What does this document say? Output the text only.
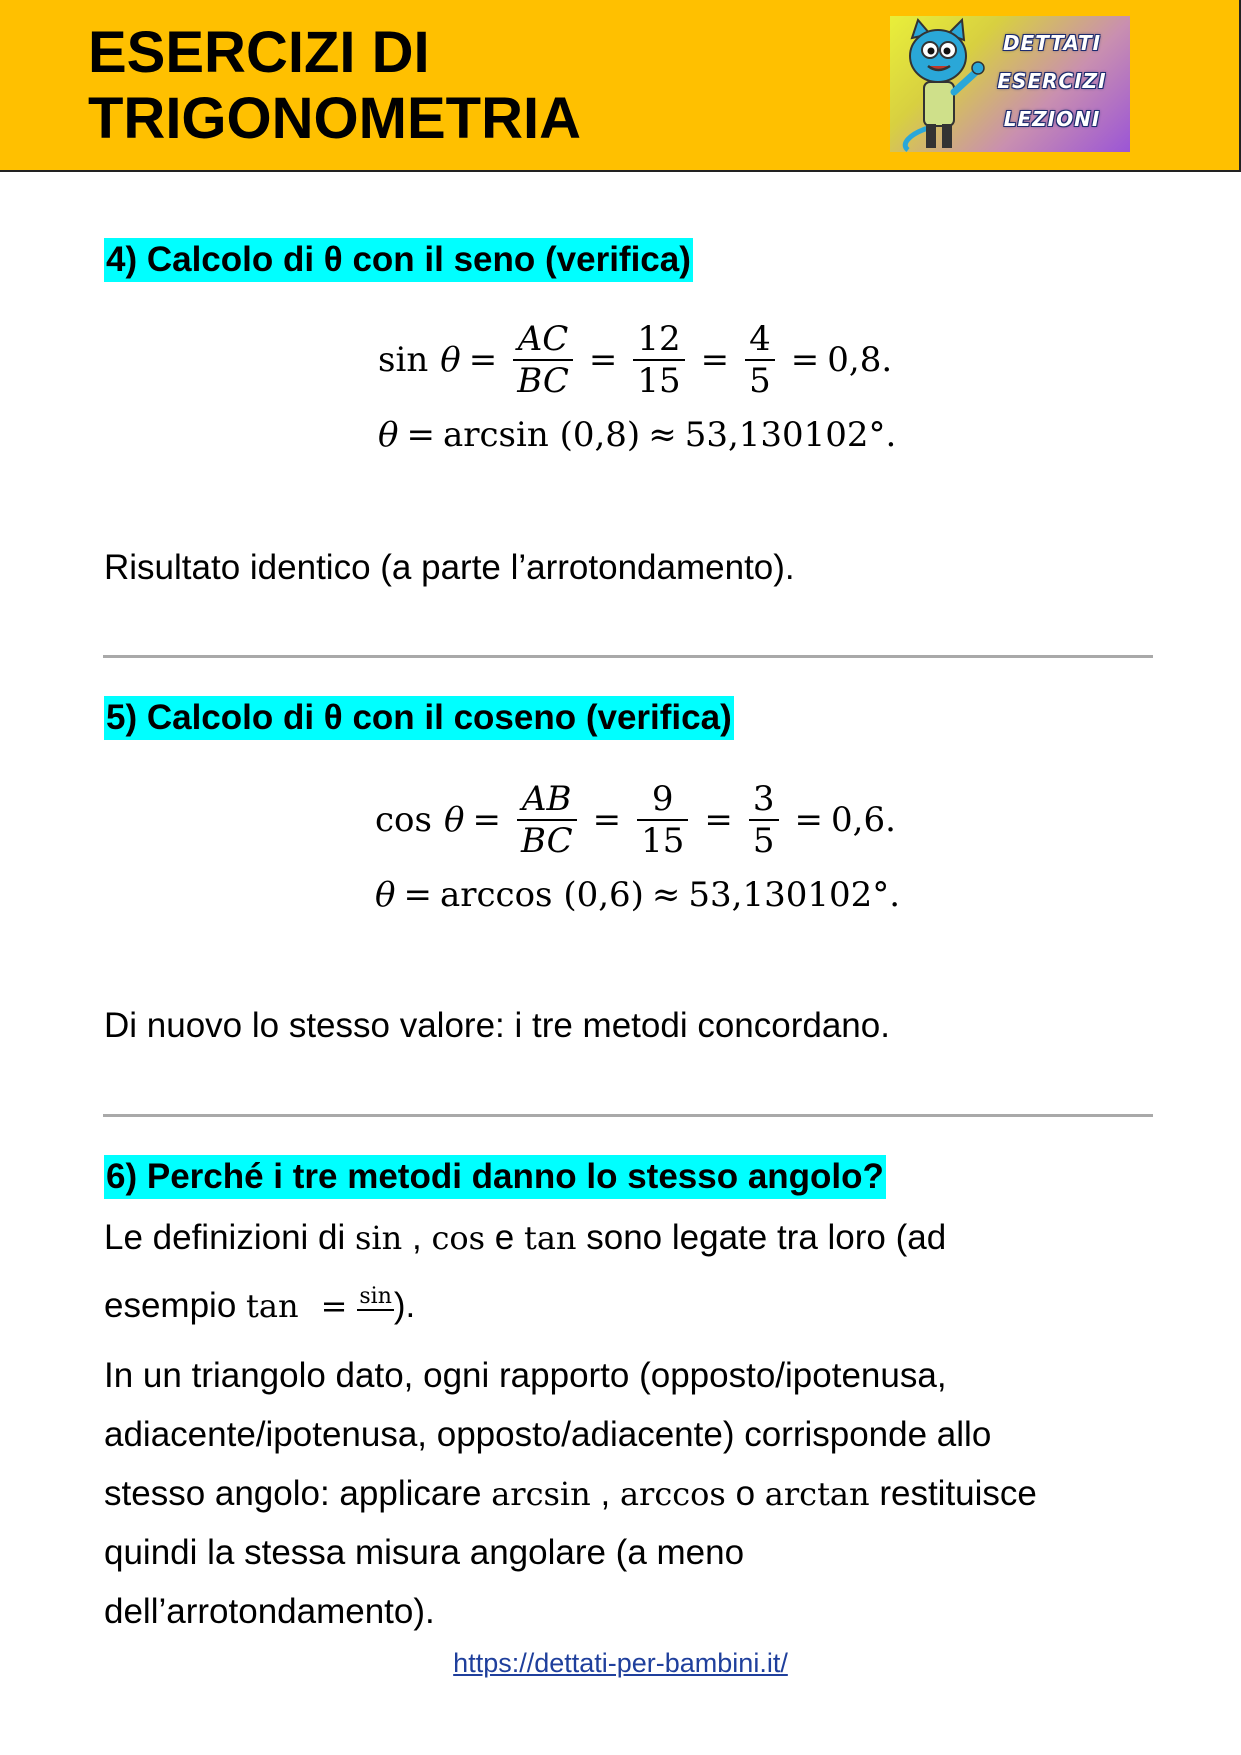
ESERCIZI DI
TRIGONOMETRIA
DETTATI
ESERCIZI
LEZIONI
4) Calcolo di θ con il seno (verifica)
$\sin \theta = \frac{AC}{BC} = \frac{12}{15} = \frac{4}{5} = 0,8$.
θ = arcsin (0,8) ≈ 53,130102°.
Risultato identico (a parte l’arrotondamento).
5) Calcolo di θ con il coseno (verifica)
$\cos \theta = \frac{AB}{BC} = \frac{9}{15} = \frac{3}{5} = 0,6$.
θ = arccos (0,6) ≈ 53,130102°.
Di nuovo lo stesso valore: i tre metodi concordano.
6) Perché i tre metodi danno lo stesso angolo?
Le definizioni di sin , cos e tan sono legate tra loro (ad
esempio tan = sin ).
In un triangolo dato, ogni rapporto (opposto/ipotenusa,
adiacente/ipotenusa, opposto/adiacente) corrisponde allo
stesso angolo: applicare arcsin , arccos o arctan restituisce
quindi la stessa misura angolare (a meno
dell’arrotondamento).
https://dettati-per-bambini.it/
